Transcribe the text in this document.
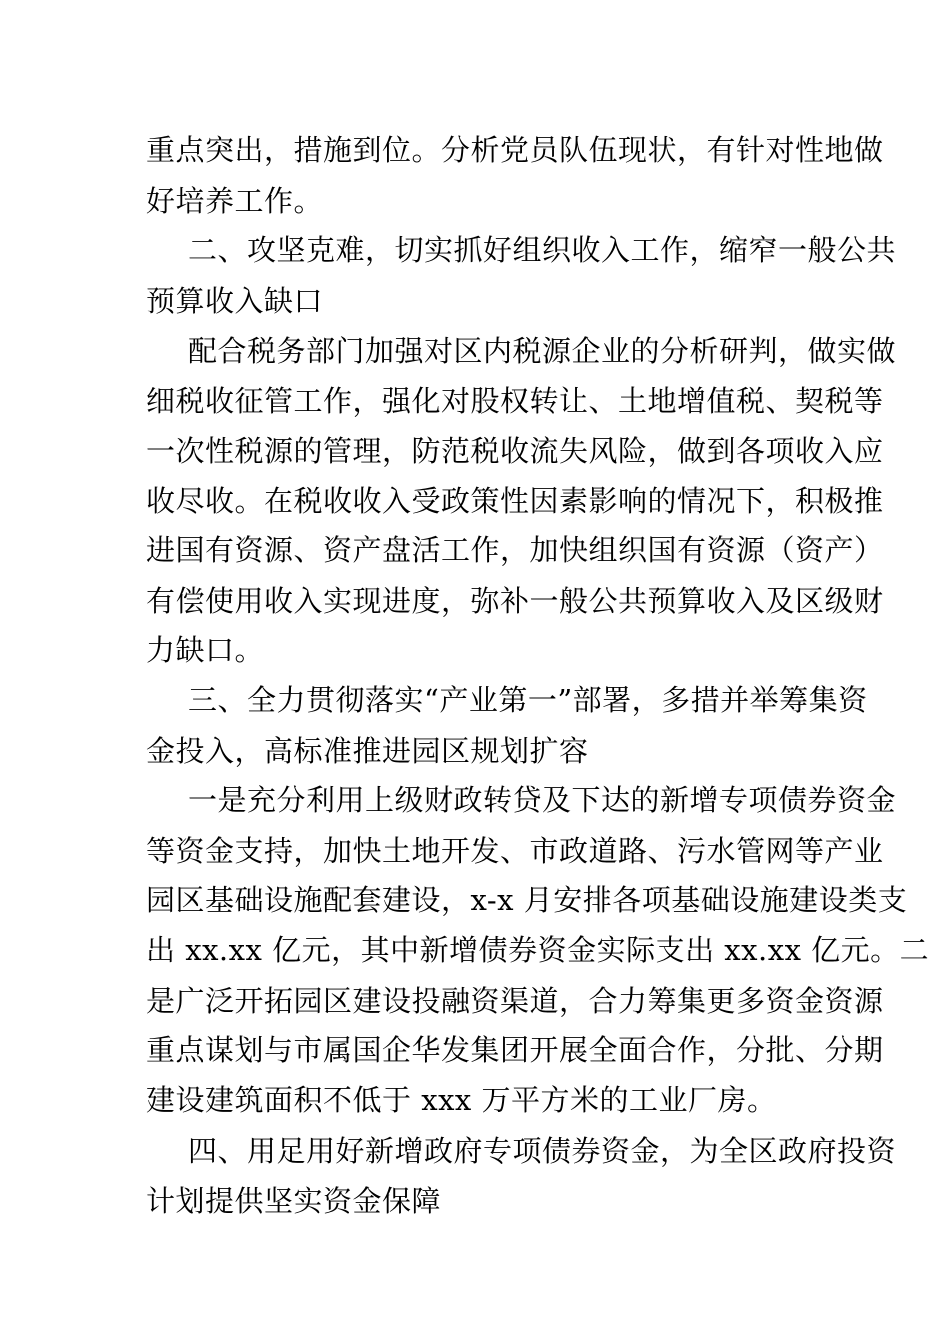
重点突出，措施到位。分析党员队伍现状，有针对性地做

好培养工作。

二、攻坚克难，切实抓好组织收入工作，缩窄一般公共

预算收入缺口

配合税务部门加强对区内税源企业的分析研判，做实做

细税收征管工作，强化对股权转让、土地增值税、契税等

一次性税源的管理，防范税收流失风险，做到各项收入应

收尽收。在税收收入受政策性因素影响的情况下，积极推

进国有资源、资产盘活工作，加快组织国有资源（资产）

有偿使用收入实现进度，弥补一般公共预算收入及区级财

力缺口。

三、全力贯彻落实“产业第一”部署，多措并举筹集资

金投入，高标准推进园区规划扩容

一是充分利用上级财政转贷及下达的新增专项债券资金

等资金支持，加快土地开发、市政道路、污水管网等产业

园区基础设施配套建设，x-x 月安排各项基础设施建设类支

出 xx.xx 亿元，其中新增债券资金实际支出 xx.xx 亿元。二

是广泛开拓园区建设投融资渠道，合力筹集更多资金资源

重点谋划与市属国企华发集团开展全面合作，分批、分期

建设建筑面积不低于 xxx 万平方米的工业厂房。

四、用足用好新增政府专项债券资金，为全区政府投资

计划提供坚实资金保障
